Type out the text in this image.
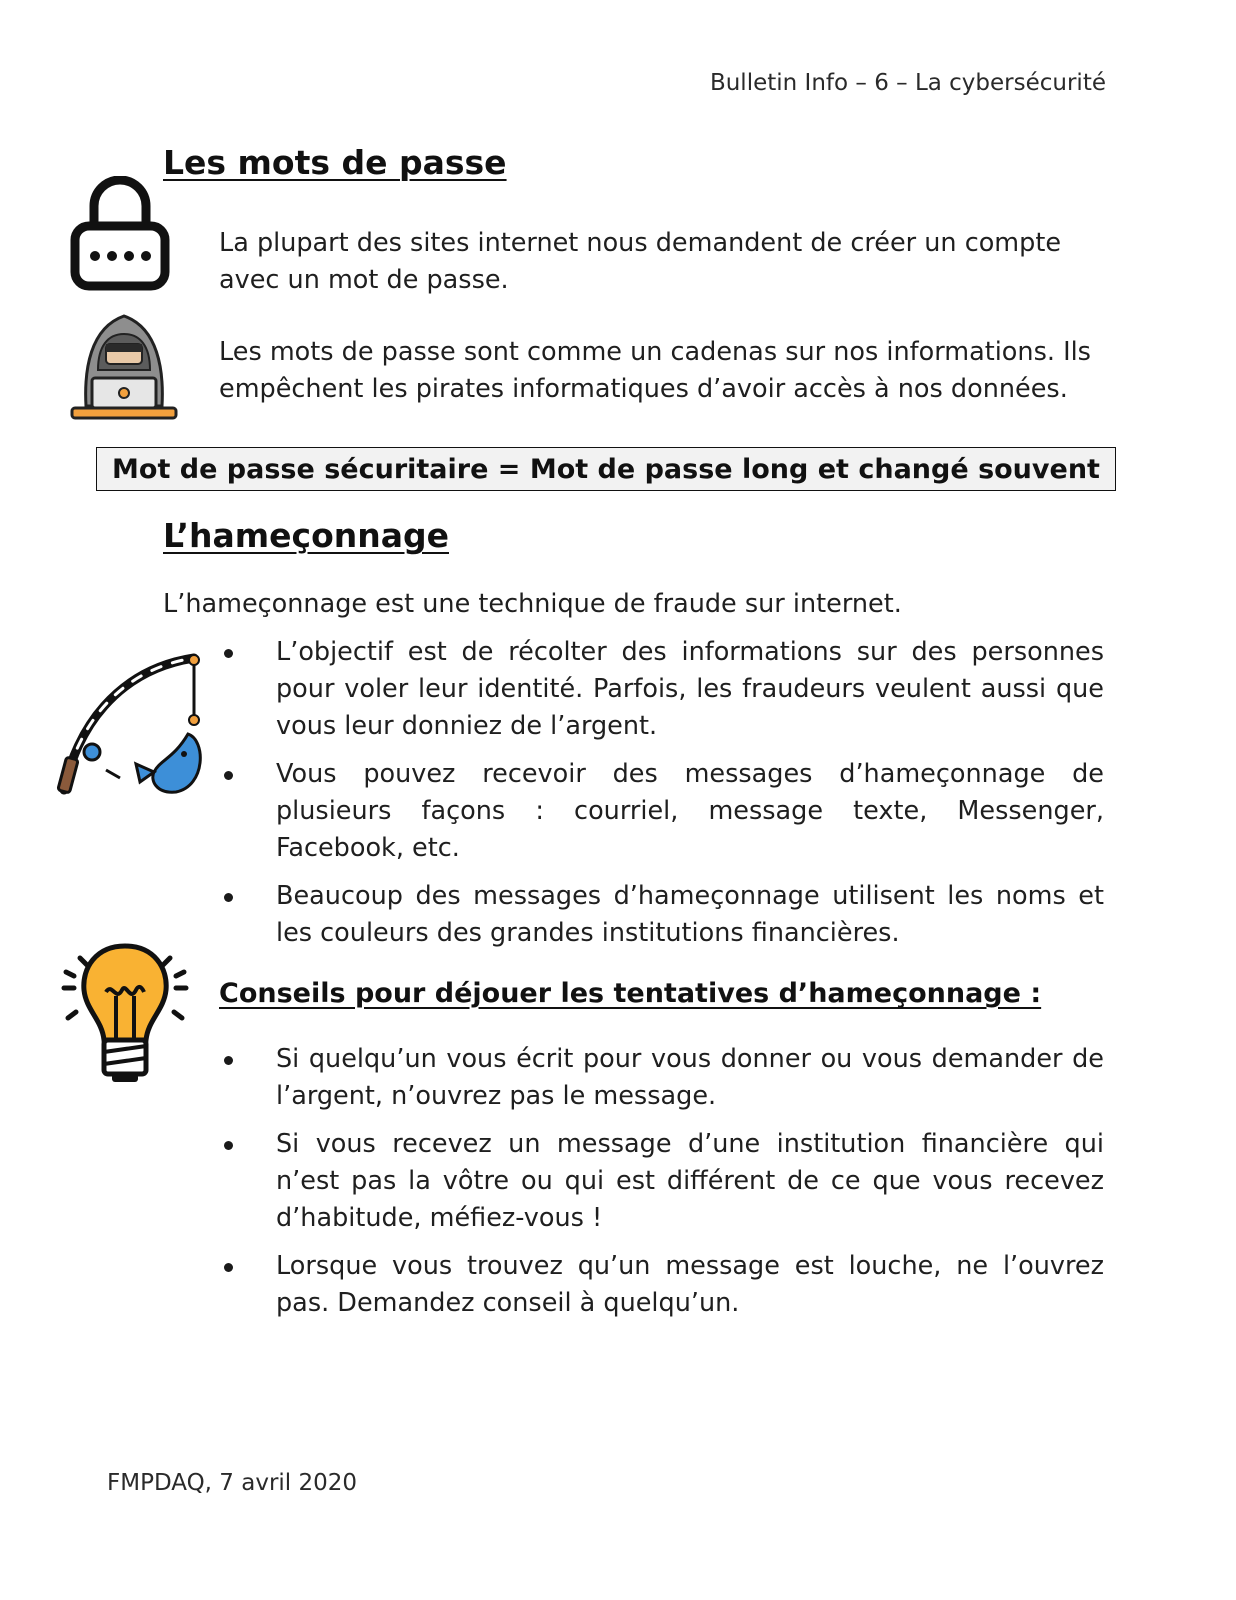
Bulletin Info – 6 – La cybersécurité
Les mots de passe
La plupart des sites internet nous demandent de créer un compte avec un mot de passe.
Les mots de passe sont comme un cadenas sur nos informations. Ils empêchent les pirates informatiques d’avoir accès à nos données.
Mot de passe sécuritaire = Mot de passe long et changé souvent
L’hameçonnage
L’hameçonnage est une technique de fraude sur internet.
L’objectif est de récolter des informations sur des personnes pour voler leur identité. Parfois, les fraudeurs veulent aussi que vous leur donniez de l’argent.
Vous pouvez recevoir des messages d’hameçonnage de plusieurs façons : courriel, message texte, Messenger, Facebook, etc.
Beaucoup des messages d’hameçonnage utilisent les noms et les couleurs des grandes institutions financières.
Conseils pour déjouer les tentatives d’hameçonnage :
Si quelqu’un vous écrit pour vous donner ou vous demander de l’argent, n’ouvrez pas le message.
Si vous recevez un message d’une institution financière qui n’est pas la vôtre ou qui est différent de ce que vous recevez d’habitude, méfiez-vous !
Lorsque vous trouvez qu’un message est louche, ne l’ouvrez pas. Demandez conseil à quelqu’un.
FMPDAQ, 7 avril 2020
